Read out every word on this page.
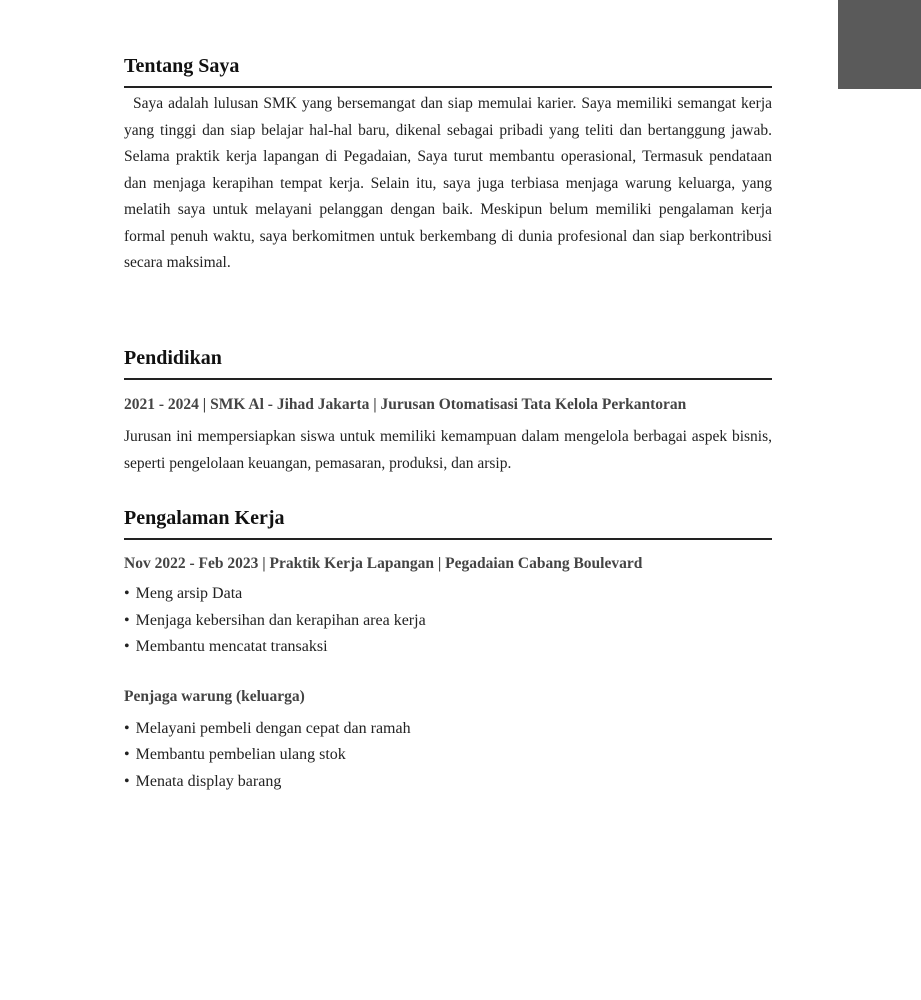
Tentang Saya

Saya adalah lulusan SMK yang bersemangat dan siap memulai karier. Saya memiliki semangat kerja yang tinggi dan siap belajar hal-hal baru, dikenal sebagai pribadi yang teliti dan bertanggung jawab. Selama praktik kerja lapangan di Pegadaian, Saya turut membantu operasional, Termasuk pendataan dan menjaga kerapihan tempat kerja. Selain itu, saya juga terbiasa menjaga warung keluarga, yang melatih saya untuk melayani pelanggan dengan baik. Meskipun belum memiliki pengalaman kerja formal penuh waktu, saya berkomitmen untuk berkembang di dunia profesional dan siap berkontribusi secara maksimal.

Pendidikan

2021 - 2024 | SMK Al - Jihad Jakarta | Jurusan Otomatisasi Tata Kelola Perkantoran

Jurusan ini mempersiapkan siswa untuk memiliki kemampuan dalam mengelola berbagai aspek bisnis, seperti pengelolaan keuangan, pemasaran, produksi, dan arsip.

Pengalaman Kerja

Nov 2022 - Feb 2023 | Praktik Kerja Lapangan | Pegadaian Cabang Boulevard

• Meng arsip Data
• Menjaga kebersihan dan kerapihan area kerja
• Membantu mencatat transaksi

Penjaga warung (keluarga)

• Melayani pembeli dengan cepat dan ramah
• Membantu pembelian ulang stok
• Menata display barang
